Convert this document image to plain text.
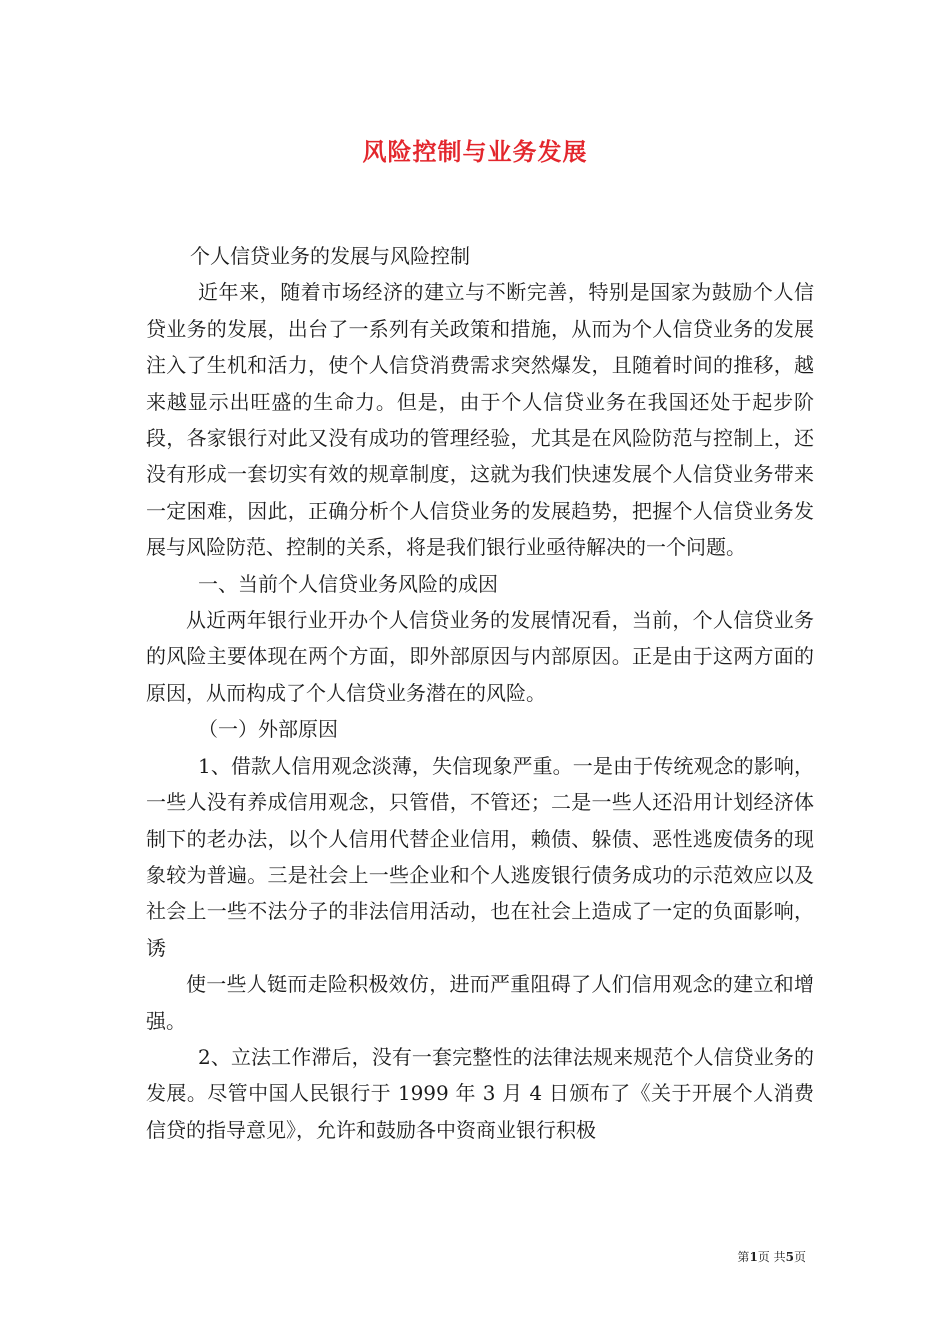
风险控制与业务发展

个人信贷业务的发展与风险控制

近年来，随着市场经济的建立与不断完善，特别是国家为鼓励个人信贷业务的发展，出台了一系列有关政策和措施，从而为个人信贷业务的发展注入了生机和活力，使个人信贷消费需求突然爆发，且随着时间的推移，越来越显示出旺盛的生命力。但是，由于个人信贷业务在我国还处于起步阶段，各家银行对此又没有成功的管理经验，尤其是在风险防范与控制上，还没有形成一套切实有效的规章制度，这就为我们快速发展个人信贷业务带来一定困难，因此，正确分析个人信贷业务的发展趋势，把握个人信贷业务发展与风险防范、控制的关系，将是我们银行业亟待解决的一个问题。

一、当前个人信贷业务风险的成因

从近两年银行业开办个人信贷业务的发展情况看，当前，个人信贷业务的风险主要体现在两个方面，即外部原因与内部原因。正是由于这两方面的原因，从而构成了个人信贷业务潜在的风险。

（一）外部原因

1、借款人信用观念淡薄，失信现象严重。一是由于传统观念的影响，一些人没有养成信用观念，只管借，不管还；二是一些人还沿用计划经济体制下的老办法，以个人信用代替企业信用，赖债、躲债、恶性逃废债务的现象较为普遍。三是社会上一些企业和个人逃废银行债务成功的示范效应以及社会上一些不法分子的非法信用活动，也在社会上造成了一定的负面影响，诱

使一些人铤而走险积极效仿，进而严重阻碍了人们信用观念的建立和增强。

2、立法工作滞后，没有一套完整性的法律法规来规范个人信贷业务的发展。尽管中国人民银行于 1999 年 3 月 4 日颁布了《关于开展个人消费信贷的指导意见》，允许和鼓励各中资商业银行积极

第1页 共5页
